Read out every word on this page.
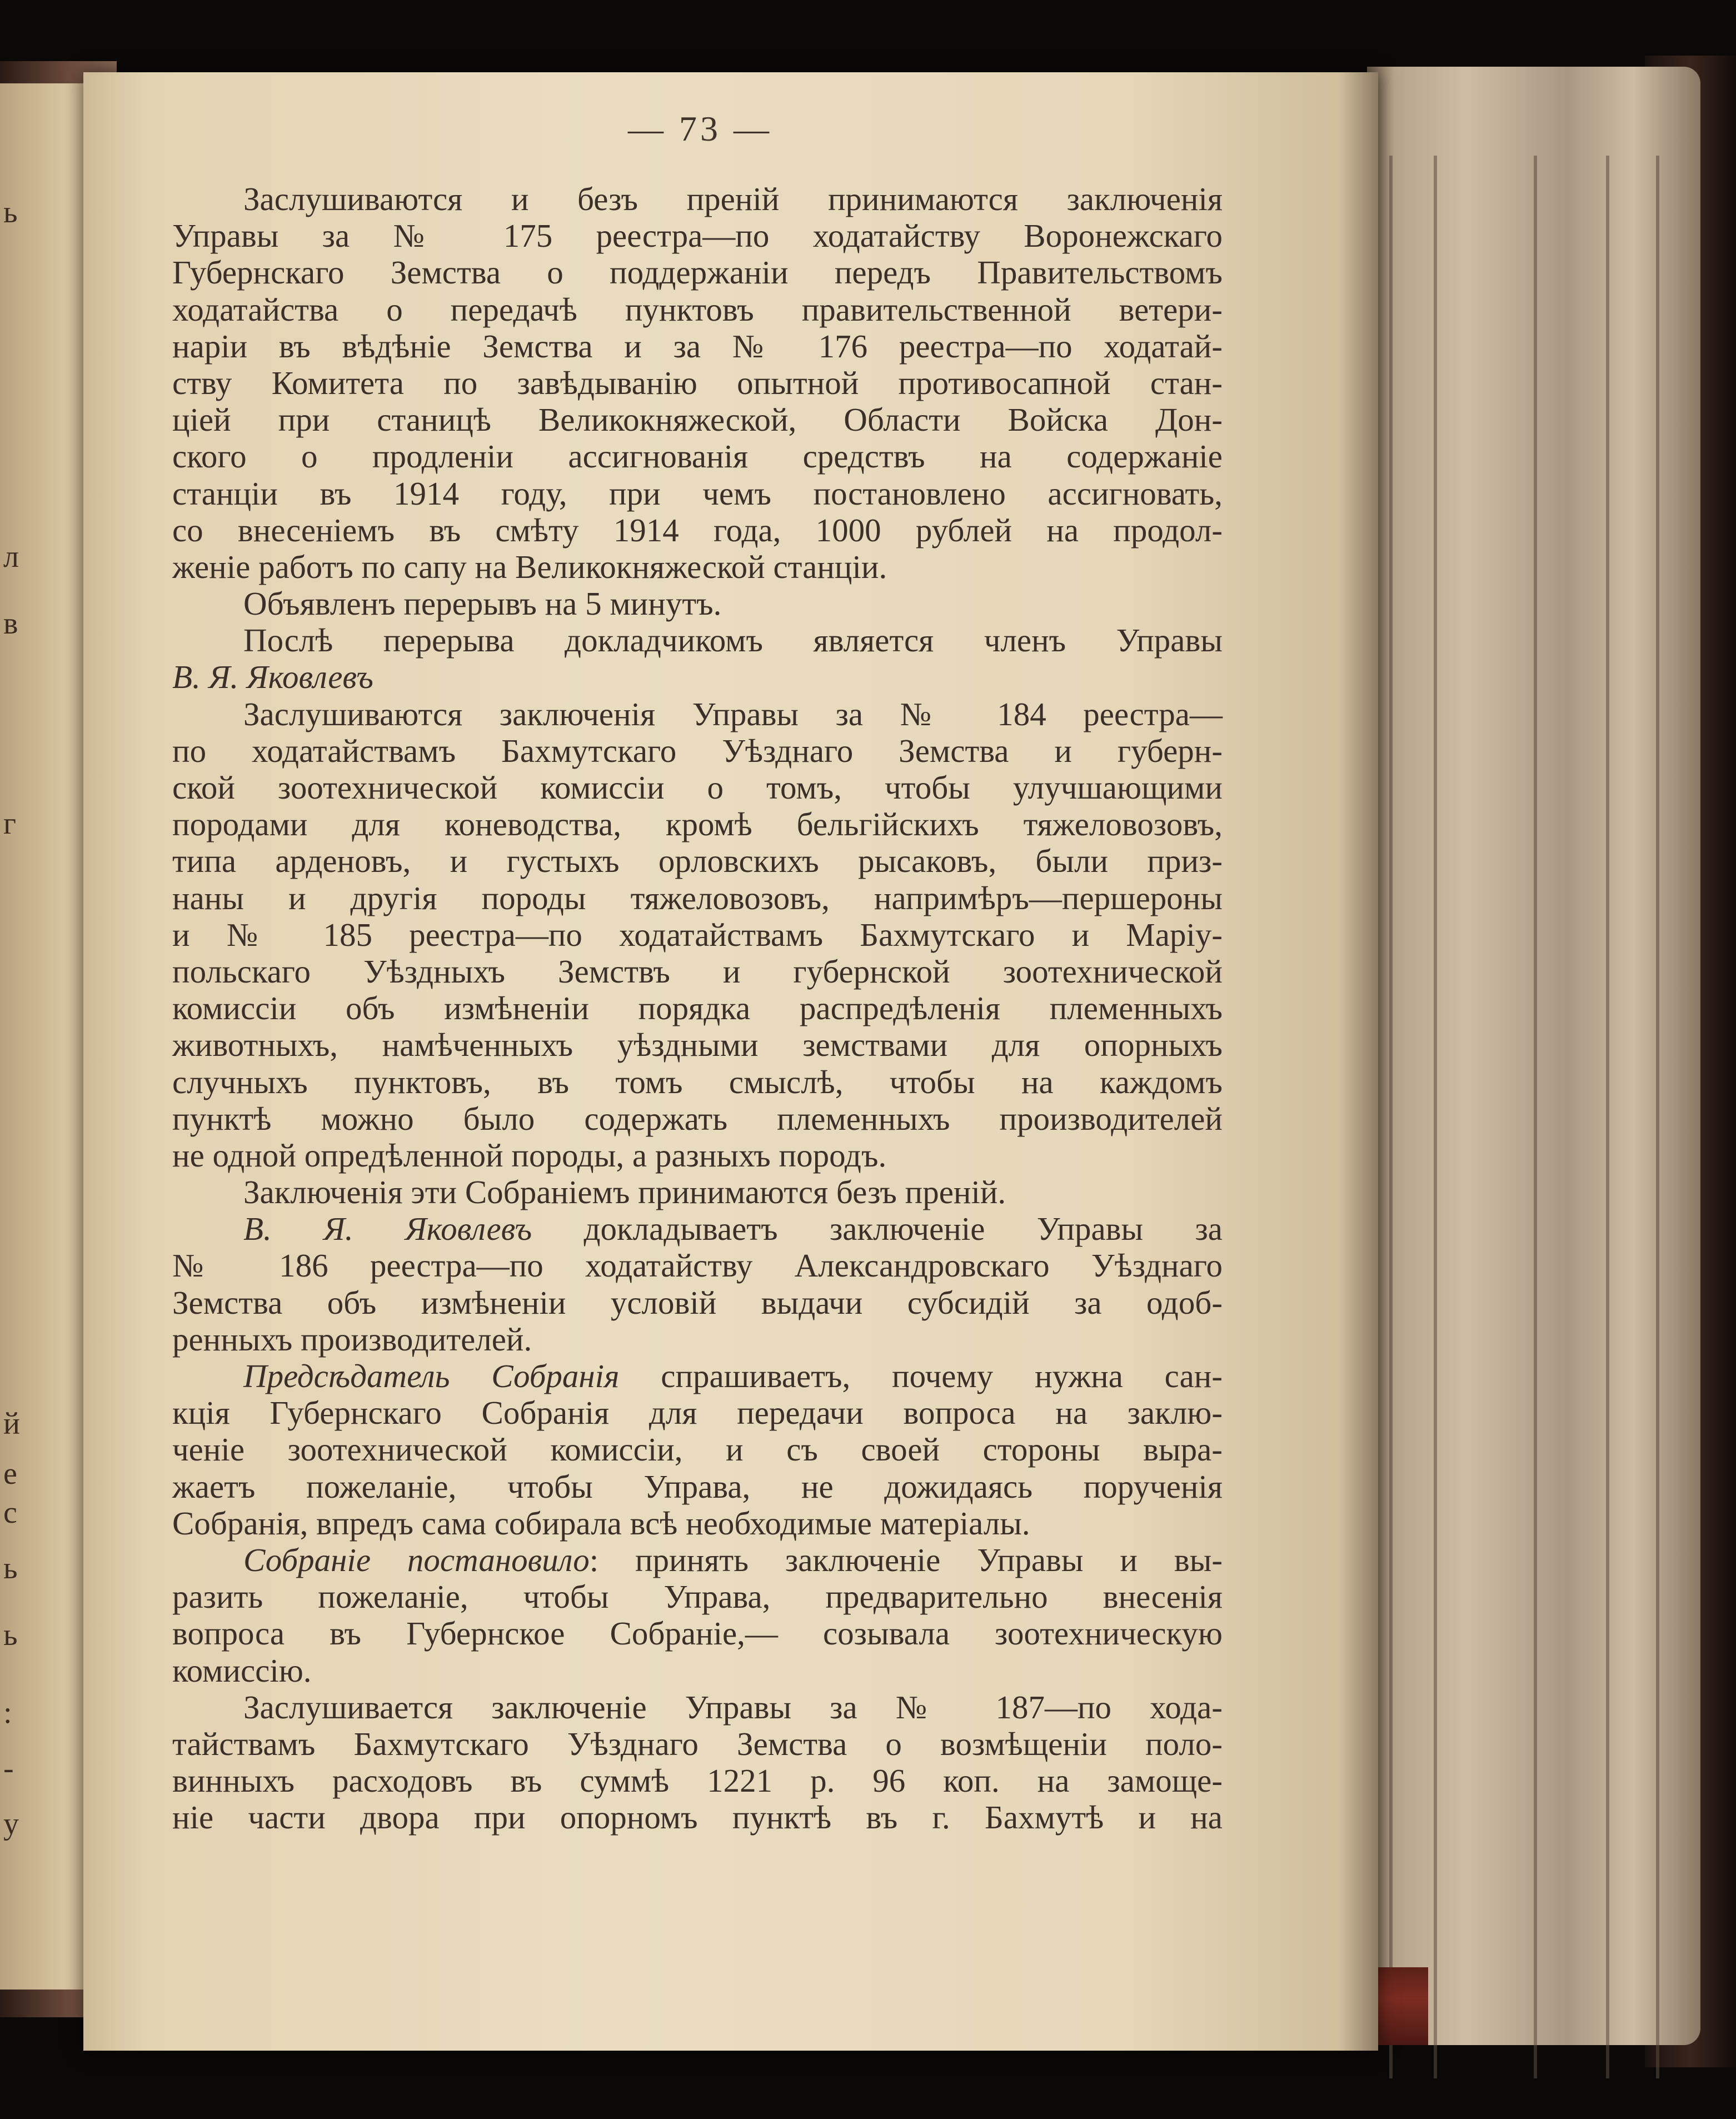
ь
л
в
г
й
е
с
ь
ь
:
-
у
— 73 —
Заслушиваются и безъ преній принимаются заключенія
Управы за № 175 реестра—по ходатайству Воронежскаго
Губернскаго Земства о поддержаніи передъ Правительствомъ
ходатайства о передачѣ пунктовъ правительственной ветери-
наріи въ вѣдѣніе Земства и за № 176 реестра—по ходатай-
ству Комитета по завѣдыванію опытной противосапной стан-
ціей при станицѣ Великокняжеской, Области Войска Дон-
ского о продленіи ассигнованія средствъ на содержаніе
станціи въ 1914 году, при чемъ постановлено ассигновать,
со внесеніемъ въ смѣту 1914 года, 1000 рублей на продол-
женіе работъ по сапу на Великокняжеской станціи.
Объявленъ перерывъ на 5 минутъ.
Послѣ перерыва докладчикомъ является членъ Управы
В. Я. Яковлевъ
Заслушиваются заключенія Управы за № 184 реестра—
по ходатайствамъ Бахмутскаго Уѣзднаго Земства и губерн-
ской зоотехнической комиссіи о томъ, чтобы улучшающими
породами для коневодства, кромѣ бельгійскихъ тяжеловозовъ,
типа арденовъ, и густыхъ орловскихъ рысаковъ, были приз-
наны и другія породы тяжеловозовъ, напримѣръ—першероны
и № 185 реестра—по ходатайствамъ Бахмутскаго и Маріу-
польскаго Уѣздныхъ Земствъ и губернской зоотехнической
комиссіи объ измѣненіи порядка распредѣленія племенныхъ
животныхъ, намѣченныхъ уѣздными земствами для опорныхъ
случныхъ пунктовъ, въ томъ смыслѣ, чтобы на каждомъ
пунктѣ можно было содержать племенныхъ производителей
не одной опредѣленной породы, а разныхъ породъ.
Заключенія эти Собраніемъ принимаются безъ преній.
В. Я. Яковлевъ докладываетъ заключеніе Управы за
№ 186 реестра—по ходатайству Александровскаго Уѣзднаго
Земства объ измѣненіи условій выдачи субсидій за одоб-
ренныхъ производителей.
Предсѣдатель Собранія спрашиваетъ, почему нужна сан-
кція Губернскаго Собранія для передачи вопроса на заклю-
ченіе зоотехнической комиссіи, и съ своей стороны выра-
жаетъ пожеланіе, чтобы Управа, не дожидаясь порученія
Собранія, впредъ сама собирала всѣ необходимые матеріалы.
Собраніе постановило: принять заключеніе Управы и вы-
разить пожеланіе, чтобы Управа, предварительно внесенія
вопроса въ Губернское Собраніе,— созывала зоотехническую
комиссію.
Заслушивается заключеніе Управы за № 187—по хода-
тайствамъ Бахмутскаго Уѣзднаго Земства о возмѣщеніи поло-
винныхъ расходовъ въ суммѣ 1221 р. 96 коп. на замоще-
ніе части двора при опорномъ пунктѣ въ г. Бахмутѣ и на
